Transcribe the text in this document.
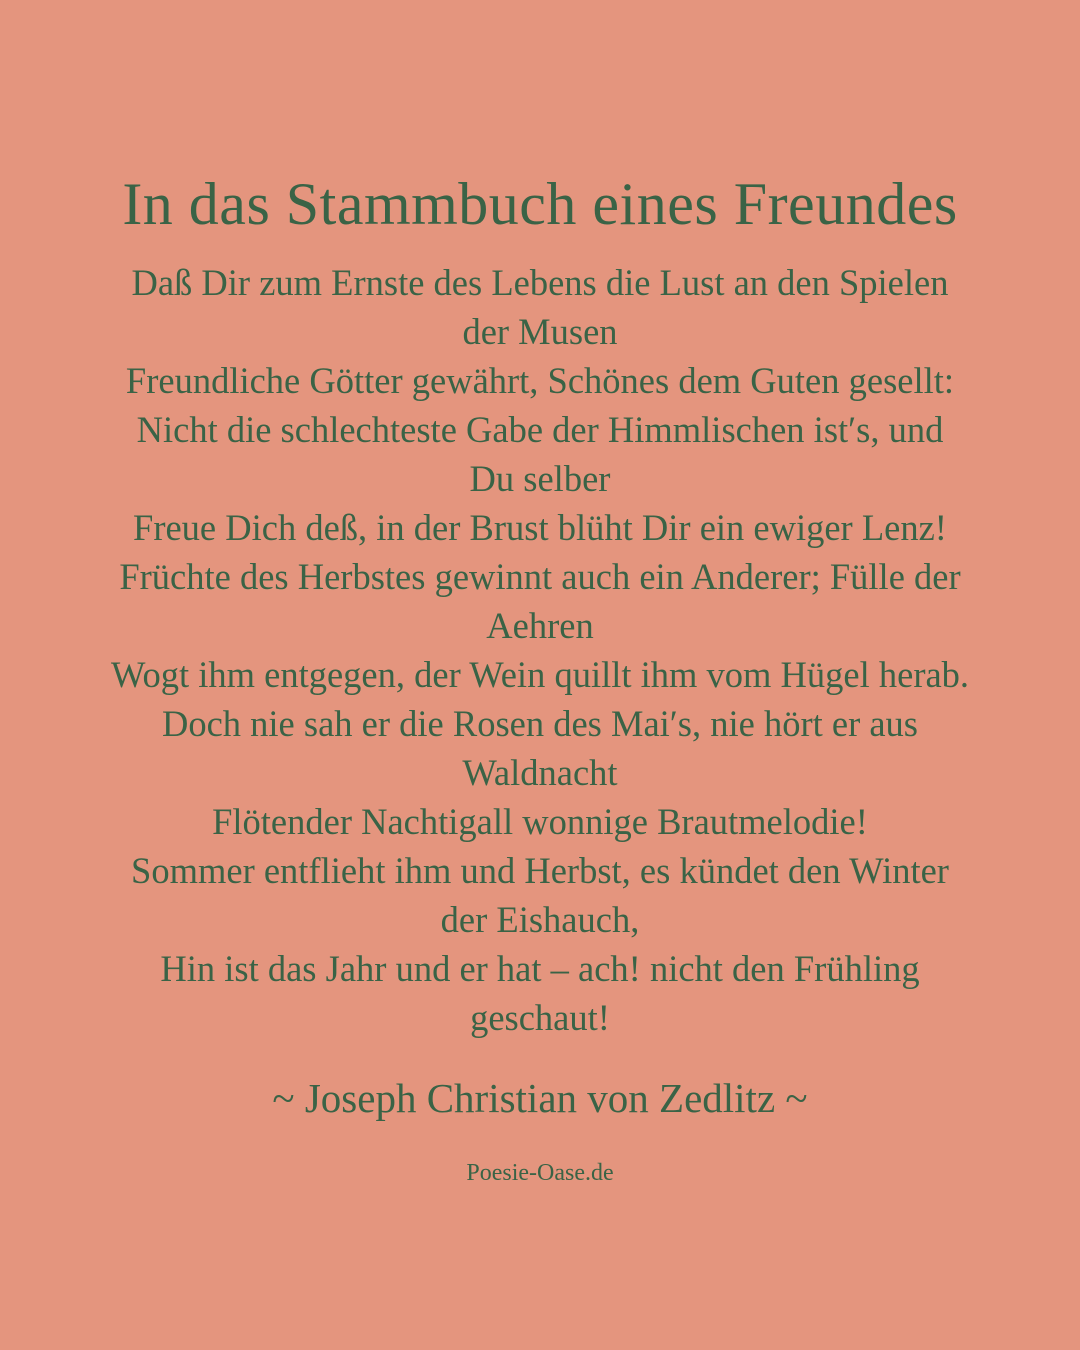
In das Stammbuch eines Freundes
Daß Dir zum Ernste des Lebens die Lust an den Spielen
der Musen
Freundliche Götter gewährt, Schönes dem Guten gesellt:
Nicht die schlechteste Gabe der Himmlischen ist′s, und
Du selber
Freue Dich deß, in der Brust blüht Dir ein ewiger Lenz!
Früchte des Herbstes gewinnt auch ein Anderer; Fülle der
Aehren
Wogt ihm entgegen, der Wein quillt ihm vom Hügel herab.
Doch nie sah er die Rosen des Mai′s, nie hört er aus
Waldnacht
Flötender Nachtigall wonnige Brautmelodie!
Sommer entflieht ihm und Herbst, es kündet den Winter
der Eishauch,
Hin ist das Jahr und er hat – ach! nicht den Frühling
geschaut!

~ Joseph Christian von Zedlitz ~

Poesie-Oase.de
